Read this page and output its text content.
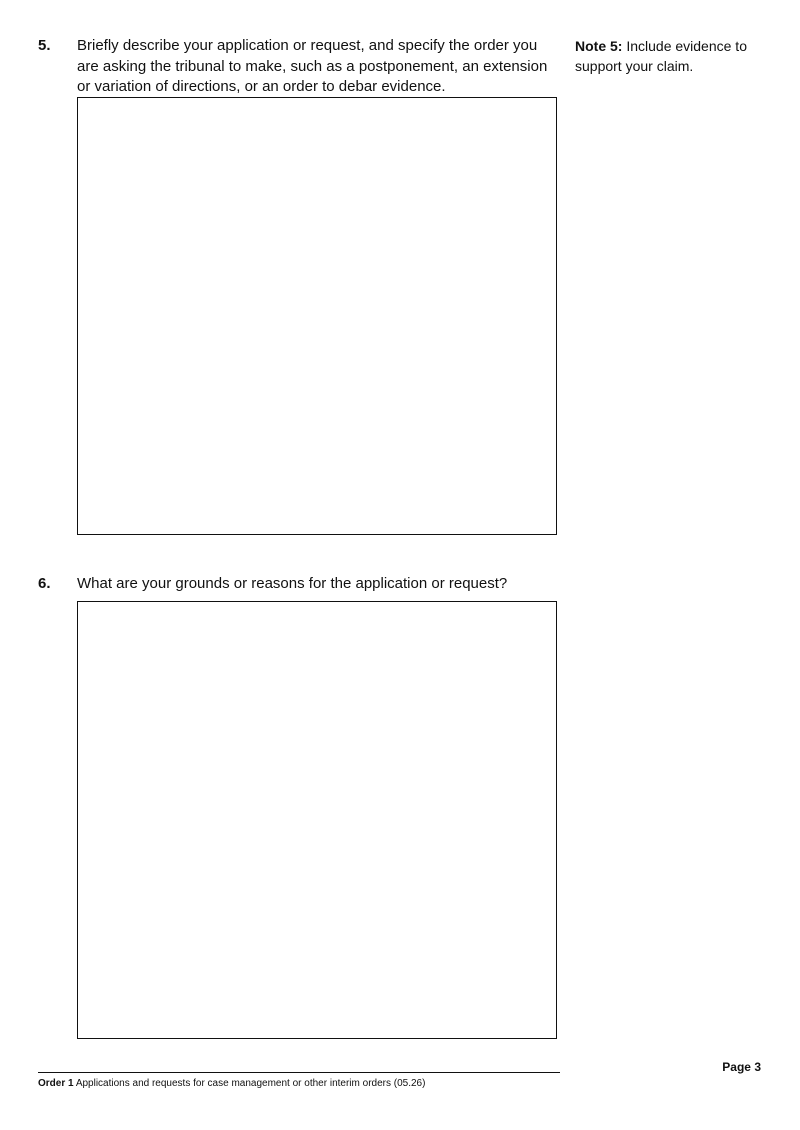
5. Briefly describe your application or request, and specify the order you are asking the tribunal to make, such as a postponement, an extension or variation of directions, or an order to debar evidence.
Note 5: Include evidence to support your claim.
6. What are your grounds or reasons for the application or request?
Page 3
Order 1 Applications and requests for case management or other interim orders (05.26)
